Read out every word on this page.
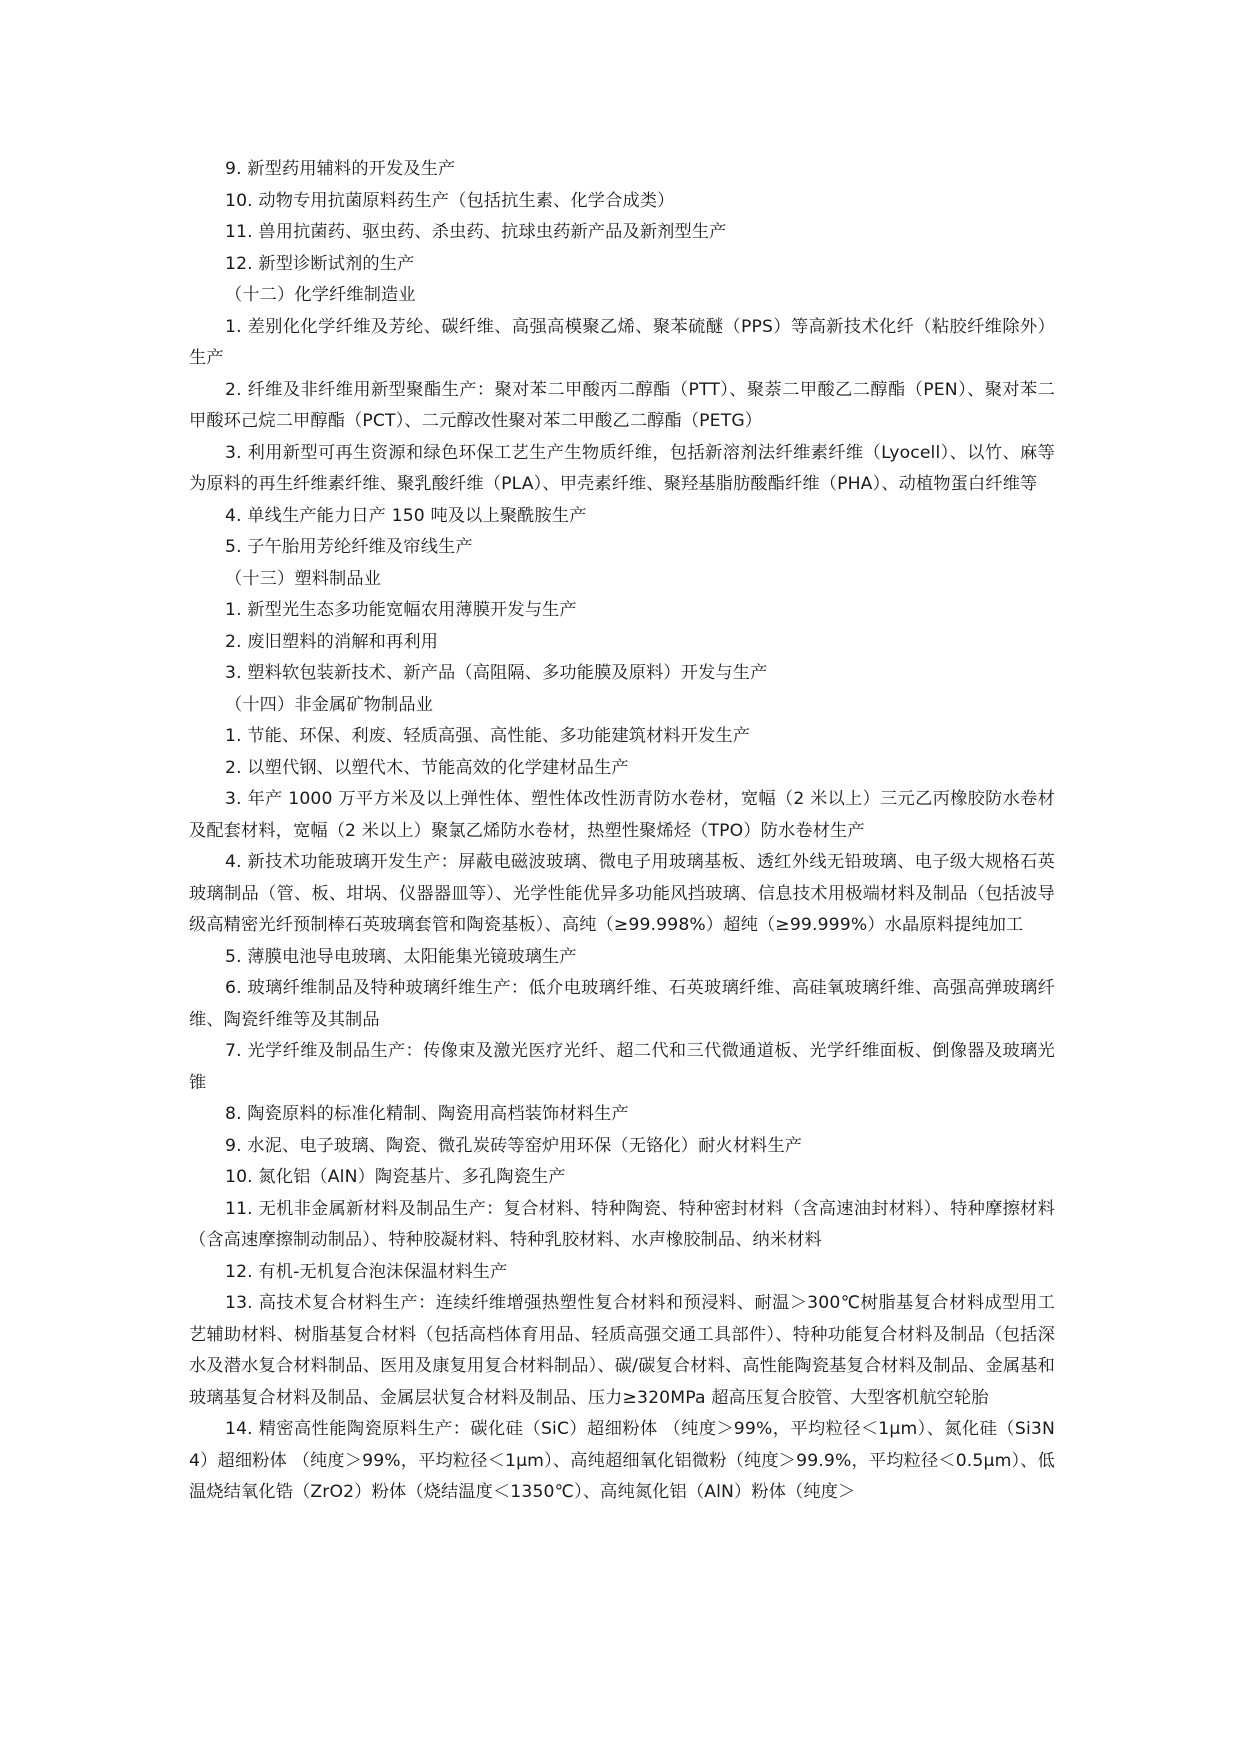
9. 新型药用辅料的开发及生产

10. 动物专用抗菌原料药生产（包括抗生素、化学合成类）

11. 兽用抗菌药、驱虫药、杀虫药、抗球虫药新产品及新剂型生产

12. 新型诊断试剂的生产

（十二）化学纤维制造业

1. 差别化化学纤维及芳纶、碳纤维、高强高模聚乙烯、聚苯硫醚（PPS）等高新技术化纤（粘胶纤维除外）生产

2. 纤维及非纤维用新型聚酯生产：聚对苯二甲酸丙二醇酯（PTT）、聚萘二甲酸乙二醇酯（PEN）、聚对苯二甲酸环己烷二甲醇酯（PCT）、二元醇改性聚对苯二甲酸乙二醇酯（PETG）

3. 利用新型可再生资源和绿色环保工艺生产生物质纤维，包括新溶剂法纤维素纤维（Lyocell）、以竹、麻等为原料的再生纤维素纤维、聚乳酸纤维（PLA）、甲壳素纤维、聚羟基脂肪酸酯纤维（PHA）、动植物蛋白纤维等

4. 单线生产能力日产 150 吨及以上聚酰胺生产

5. 子午胎用芳纶纤维及帘线生产

（十三）塑料制品业

1. 新型光生态多功能宽幅农用薄膜开发与生产

2. 废旧塑料的消解和再利用

3. 塑料软包装新技术、新产品（高阻隔、多功能膜及原料）开发与生产

（十四）非金属矿物制品业

1. 节能、环保、利废、轻质高强、高性能、多功能建筑材料开发生产

2. 以塑代钢、以塑代木、节能高效的化学建材品生产

3. 年产 1000 万平方米及以上弹性体、塑性体改性沥青防水卷材，宽幅（2 米以上）三元乙丙橡胶防水卷材及配套材料，宽幅（2 米以上）聚氯乙烯防水卷材，热塑性聚烯烃（TPO）防水卷材生产

4. 新技术功能玻璃开发生产：屏蔽电磁波玻璃、微电子用玻璃基板、透红外线无铅玻璃、电子级大规格石英玻璃制品（管、板、坩埚、仪器器皿等）、光学性能优异多功能风挡玻璃、信息技术用极端材料及制品（包括波导级高精密光纤预制棒石英玻璃套管和陶瓷基板）、高纯（≥99.998%）超纯（≥99.999%）水晶原料提纯加工

5. 薄膜电池导电玻璃、太阳能集光镜玻璃生产

6. 玻璃纤维制品及特种玻璃纤维生产：低介电玻璃纤维、石英玻璃纤维、高硅氧玻璃纤维、高强高弹玻璃纤维、陶瓷纤维等及其制品

7. 光学纤维及制品生产：传像束及激光医疗光纤、超二代和三代微通道板、光学纤维面板、倒像器及玻璃光锥

8. 陶瓷原料的标准化精制、陶瓷用高档装饰材料生产

9. 水泥、电子玻璃、陶瓷、微孔炭砖等窑炉用环保（无铬化）耐火材料生产

10. 氮化铝（AlN）陶瓷基片、多孔陶瓷生产

11. 无机非金属新材料及制品生产：复合材料、特种陶瓷、特种密封材料（含高速油封材料）、特种摩擦材料（含高速摩擦制动制品）、特种胶凝材料、特种乳胶材料、水声橡胶制品、纳米材料

12. 有机-无机复合泡沫保温材料生产

13. 高技术复合材料生产：连续纤维增强热塑性复合材料和预浸料、耐温＞300℃树脂基复合材料成型用工艺辅助材料、树脂基复合材料（包括高档体育用品、轻质高强交通工具部件）、特种功能复合材料及制品（包括深水及潜水复合材料制品、医用及康复用复合材料制品）、碳/碳复合材料、高性能陶瓷基复合材料及制品、金属基和玻璃基复合材料及制品、金属层状复合材料及制品、压力≥320MPa 超高压复合胶管、大型客机航空轮胎

14. 精密高性能陶瓷原料生产：碳化硅（SiC）超细粉体 （纯度＞99%，平均粒径＜1μm）、氮化硅（Si3N4）超细粉体 （纯度＞99%，平均粒径＜1μm）、高纯超细氧化铝微粉（纯度＞99.9%，平均粒径＜0.5μm）、低温烧结氧化锆（ZrO2）粉体（烧结温度＜1350℃）、高纯氮化铝（AlN）粉体（纯度＞
